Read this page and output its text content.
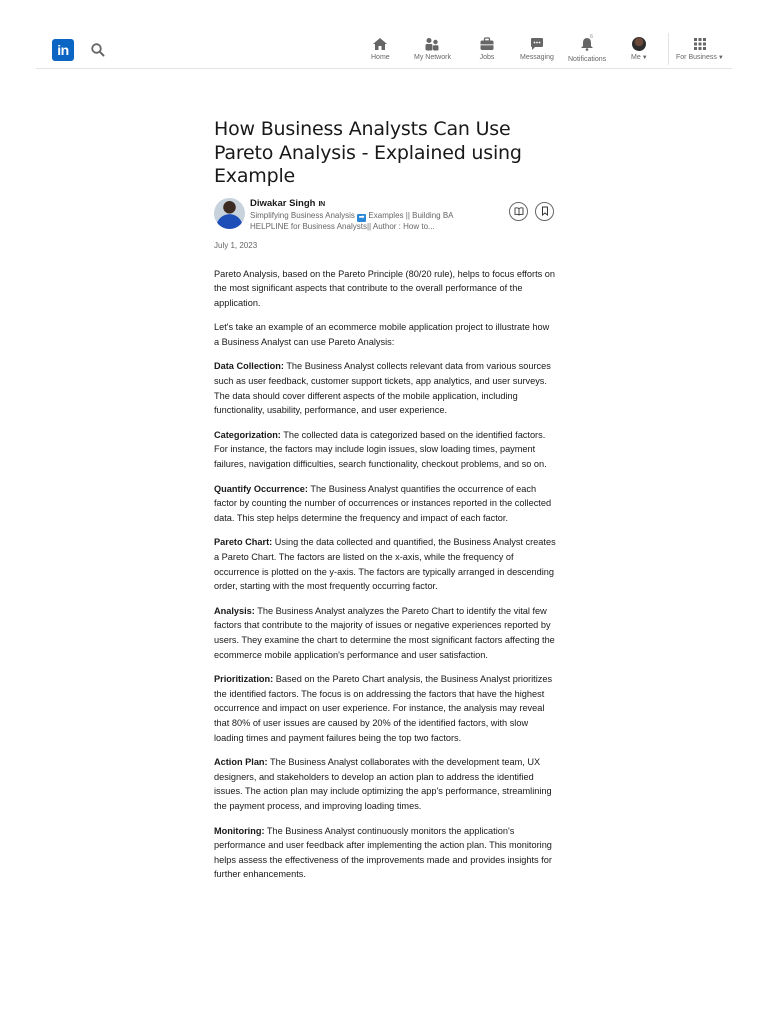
in	Home	My Network	Jobs	Messaging
6
Notifications	Me▼	For Business▼
How Business Analysts Can Use Pareto Analysis - Explained using Example
Diwakar Singh IN
Simplifying Business Analysis ➡ Examples || Building BA HELPLINE for Business Analysts|| Author : How to...
July 1, 2023

Pareto Analysis, based on the Pareto Principle (80/20 rule), helps to focus efforts on the most significant aspects that contribute to the overall performance of the application.

Let's take an example of an ecommerce mobile application project to illustrate how a Business Analyst can use Pareto Analysis:

Data Collection: The Business Analyst collects relevant data from various sources such as user feedback, customer support tickets, app analytics, and user surveys. The data should cover different aspects of the mobile application, including functionality, usability, performance, and user experience.

Categorization: The collected data is categorized based on the identified factors. For instance, the factors may include login issues, slow loading times, payment failures, navigation difficulties, search functionality, checkout problems, and so on.

Quantify Occurrence: The Business Analyst quantifies the occurrence of each factor by counting the number of occurrences or instances reported in the collected data. This step helps determine the frequency and impact of each factor.

Pareto Chart: Using the data collected and quantified, the Business Analyst creates a Pareto Chart. The factors are listed on the x-axis, while the frequency of occurrence is plotted on the y-axis. The factors are typically arranged in descending order, starting with the most frequently occurring factor.

Analysis: The Business Analyst analyzes the Pareto Chart to identify the vital few factors that contribute to the majority of issues or negative experiences reported by users. They examine the chart to determine the most significant factors affecting the ecommerce mobile application's performance and user satisfaction.

Prioritization: Based on the Pareto Chart analysis, the Business Analyst prioritizes the identified factors. The focus is on addressing the factors that have the highest occurrence and impact on user experience. For instance, the analysis may reveal that 80% of user issues are caused by 20% of the identified factors, with slow loading times and payment failures being the top two factors.

Action Plan: The Business Analyst collaborates with the development team, UX designers, and stakeholders to develop an action plan to address the identified issues. The action plan may include optimizing the app's performance, streamlining the payment process, and improving loading times.

Monitoring: The Business Analyst continuously monitors the application's performance and user feedback after implementing the action plan. This monitoring helps assess the effectiveness of the improvements made and provides insights for further enhancements.
